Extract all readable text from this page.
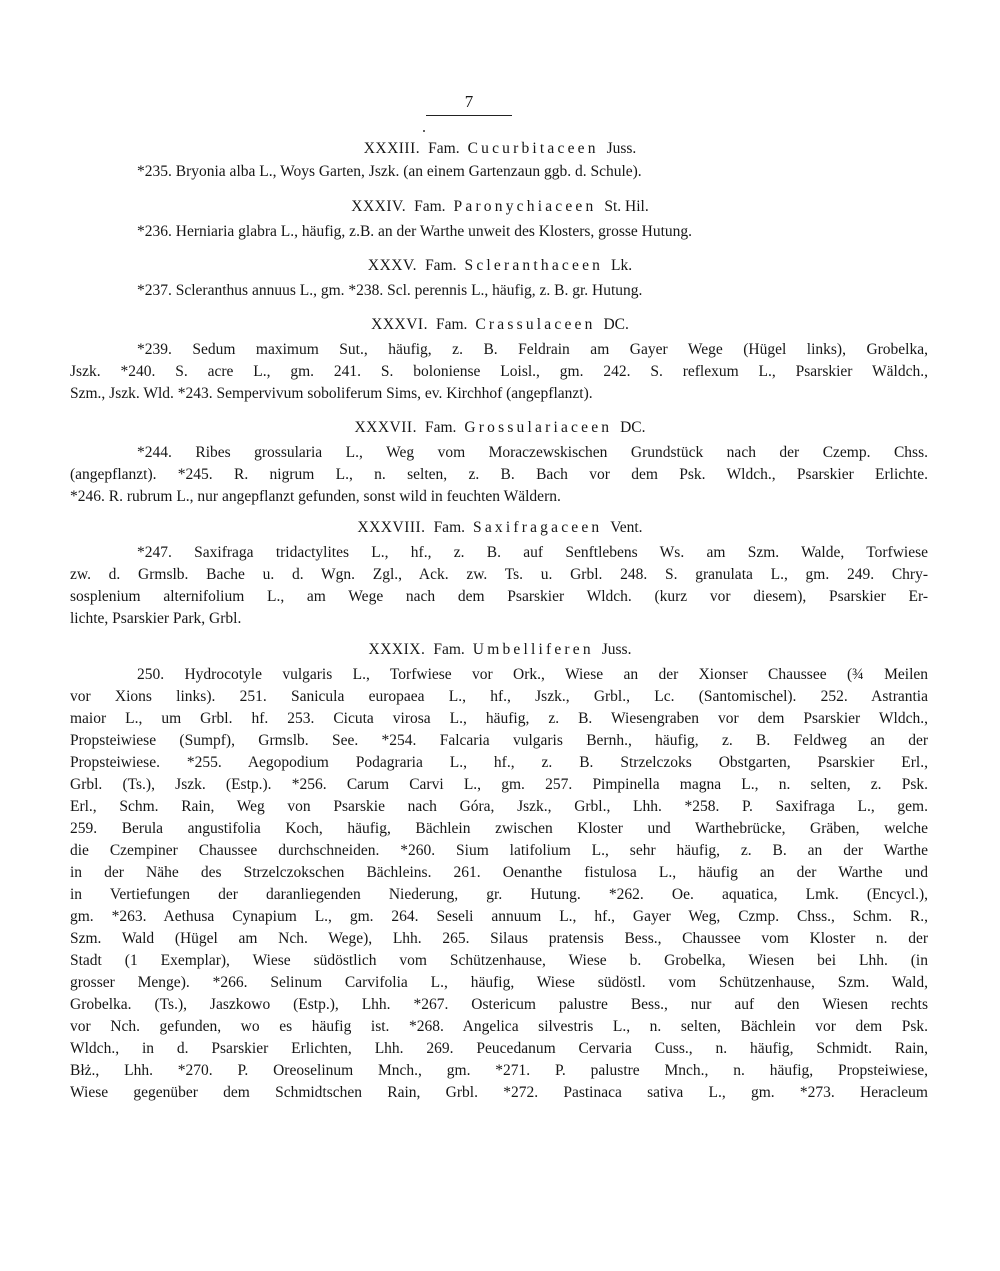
7
XXXIII. Fam. Cucurbitaceen Juss.
*235. Bryonia alba L., Woys Garten, Jszk. (an einem Gartenzaun ggb. d. Schule).
XXXIV. Fam. Paronychiaceen St. Hil.
*236. Herniaria glabra L., häufig, z.B. an der Warthe unweit des Klosters, grosse Hutung.
XXXV. Fam. Scleranthaceen Lk.
*237. Scleranthus annuus L., gm. *238. Scl. perennis L., häufig, z. B. gr. Hutung.
XXXVI. Fam. Crassulaceen DC.
*239. Sedum maximum Sut., häufig, z. B. Feldrain am Gayer Wege (Hügel links), Grobelka,
Jszk. *240. S. acre L., gm. 241. S. boloniense Loisl., gm. 242. S. reflexum L., Psarskier Wäldch.,
Szm., Jszk. Wld. *243. Sempervivum soboliferum Sims, ev. Kirchhof (angepflanzt).
XXXVII. Fam. Grossulariaceen DC.
*244. Ribes grossularia L., Weg vom Moraczewskischen Grundstück nach der Czemp. Chss.
(angepflanzt). *245. R. nigrum L., n. selten, z. B. Bach vor dem Psk. Wldch., Psarskier Erlichte.
*246. R. rubrum L., nur angepflanzt gefunden, sonst wild in feuchten Wäldern.
XXXVIII. Fam. Saxifragaceen Vent.
*247. Saxifraga tridactylites L., hf., z. B. auf Senftlebens Ws. am Szm. Walde, Torfwiese
zw. d. Grmslb. Bache u. d. Wgn. Zgl., Ack. zw. Ts. u. Grbl. 248. S. granulata L., gm. 249. Chry-
sosplenium alternifolium L., am Wege nach dem Psarskier Wldch. (kurz vor diesem), Psarskier Er-
lichte, Psarskier Park, Grbl.
XXXIX. Fam. Umbelliferen Juss.
250. Hydrocotyle vulgaris L., Torfwiese vor Ork., Wiese an der Xionser Chaussee (¾ Meilen
vor Xions links). 251. Sanicula europaea L., hf., Jszk., Grbl., Lc. (Santomischel). 252. Astrantia
maior L., um Grbl. hf. 253. Cicuta virosa L., häufig, z. B. Wiesengraben vor dem Psarskier Wldch.,
Propsteiwiese (Sumpf), Grmslb. See. *254. Falcaria vulgaris Bernh., häufig, z. B. Feldweg an der
Propsteiwiese. *255. Aegopodium Podagraria L., hf., z. B. Strzelczoks Obstgarten, Psarskier Erl.,
Grbl. (Ts.), Jszk. (Estp.). *256. Carum Carvi L., gm. 257. Pimpinella magna L., n. selten, z. Psk.
Erl., Schm. Rain, Weg von Psarskie nach Góra, Jszk., Grbl., Lhh. *258. P. Saxifraga L., gem.
259. Berula angustifolia Koch, häufig, Bächlein zwischen Kloster und Warthebrücke, Gräben, welche
die Czempiner Chaussee durchschneiden. *260. Sium latifolium L., sehr häufig, z. B. an der Warthe
in der Nähe des Strzelczokschen Bächleins. 261. Oenanthe fistulosa L., häufig an der Warthe und
in Vertiefungen der daranliegenden Niederung, gr. Hutung. *262. Oe. aquatica, Lmk. (Encycl.),
gm. *263. Aethusa Cynapium L., gm. 264. Seseli annuum L., hf., Gayer Weg, Czmp. Chss., Schm. R.,
Szm. Wald (Hügel am Nch. Wege), Lhh. 265. Silaus pratensis Bess., Chaussee vom Kloster n. der
Stadt (1 Exemplar), Wiese südöstlich vom Schützenhause, Wiese b. Grobelka, Wiesen bei Lhh. (in
grosser Menge). *266. Selinum Carvifolia L., häufig, Wiese südöstl. vom Schützenhause, Szm. Wald,
Grobelka. (Ts.), Jaszkowo (Estp.), Lhh. *267. Ostericum palustre Bess., nur auf den Wiesen rechts
vor Nch. gefunden, wo es häufig ist. *268. Angelica silvestris L., n. selten, Bächlein vor dem Psk.
Wldch., in d. Psarskier Erlichten, Lhh. 269. Peucedanum Cervaria Cuss., n. häufig, Schmidt. Rain,
Błż., Lhh. *270. P. Oreoselinum Mnch., gm. *271. P. palustre Mnch., n. häufig, Propsteiwiese,
Wiese gegenüber dem Schmidtschen Rain, Grbl. *272. Pastinaca sativa L., gm. *273. Heracleum
